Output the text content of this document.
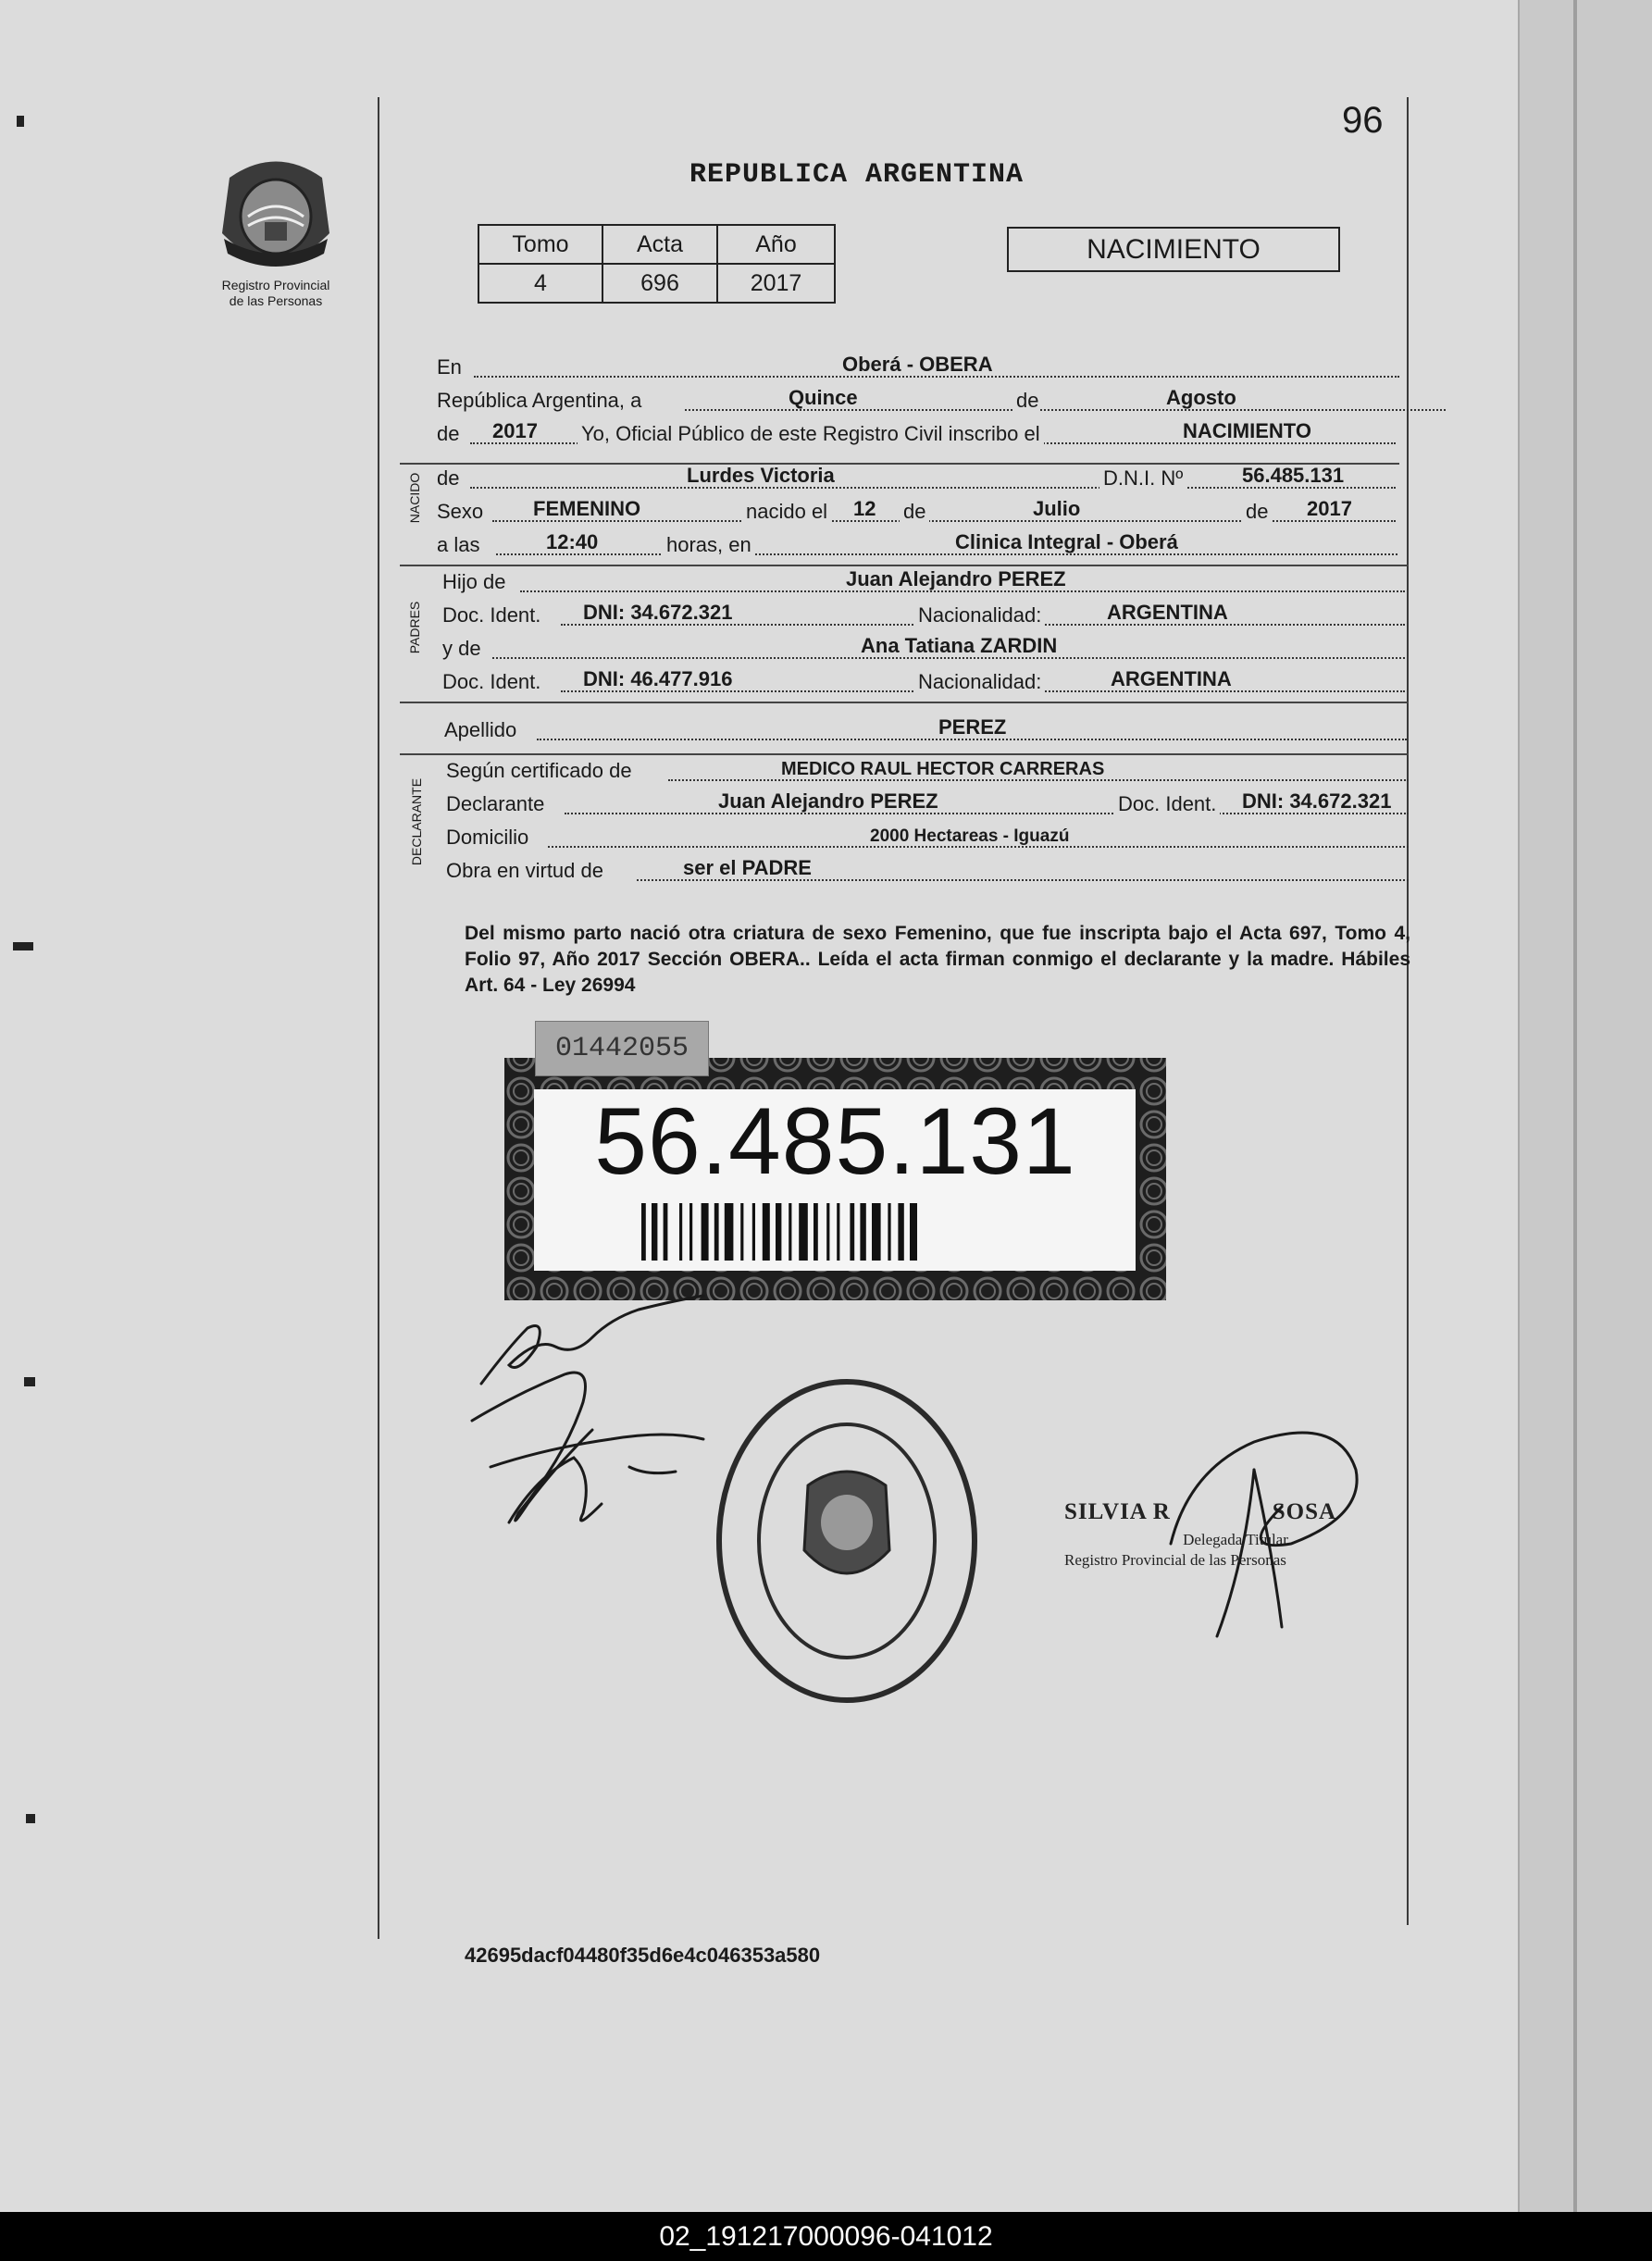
96
Registro Provincial
de las Personas
REPUBLICA ARGENTINA
Tomo	Acta	Año
4	696	2017
NACIMIENTO
En	Oberá - OBERA
República Argentina, a	Quince	de	Agosto
de 2017 Yo, Oficial Público de este Registro Civil inscribo el	NACIMIENTO
NACIDO de	Lurdes Victoria	D.N.I. Nº	56.485.131
Sexo FEMENINO	nacido el 12 de	Julio	de 2017
a las	12:40	horas, en	Clinica Integral - Oberá
PADRES
Hijo de	Juan Alejandro PEREZ
Doc. Ident. DNI: 34.672.321	Nacionalidad:	ARGENTINA
y de	Ana Tatiana ZARDIN
Doc. Ident. DNI: 46.477.916	Nacionalidad:	ARGENTINA
Apellido	PEREZ
DECLARANTE
Según certificado de	MEDICO RAUL HECTOR CARRERAS
Declarante	Juan Alejandro PEREZ	Doc. Ident. DNI: 34.672.321
Domicilio	2000 Hectareas - Iguazú
Obra en virtud de	ser el PADRE
Del mismo parto nació otra criatura de sexo Femenino, que fue inscripta bajo el Acta 697, Tomo 4, Folio 97, Año 2017 Sección OBERA.. Leída el acta firman conmigo el declarante y la madre. Hábiles Art. 64 - Ley 26994
56.485.131
01442055
SILVIA R	SOSA
Delegada Titular
Registro Provincial de las Personas
42695dacf04480f35d6e4c046353a580
02_191217000096-041012
